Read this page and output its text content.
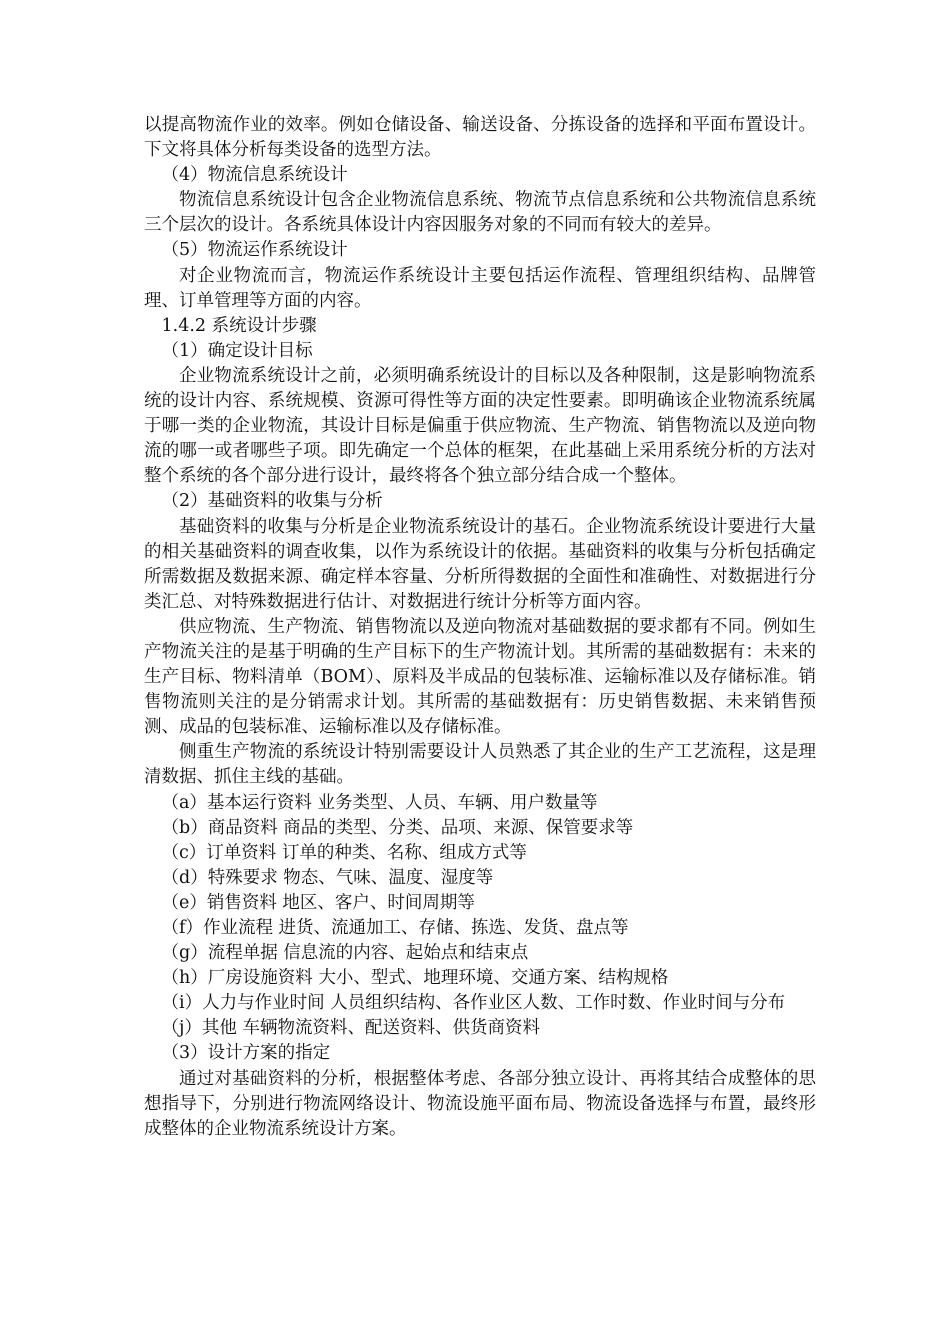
以提高物流作业的效率。例如仓储设备、输送设备、分拣设备的选择和平面布置设计。下文将具体分析每类设备的选型方法。

（4）物流信息系统设计

物流信息系统设计包含企业物流信息系统、物流节点信息系统和公共物流信息系统三个层次的设计。各系统具体设计内容因服务对象的不同而有较大的差异。

（5）物流运作系统设计

对企业物流而言，物流运作系统设计主要包括运作流程、管理组织结构、品牌管理、订单管理等方面的内容。

1.4.2 系统设计步骤

（1）确定设计目标

企业物流系统设计之前，必须明确系统设计的目标以及各种限制，这是影响物流系统的设计内容、系统规模、资源可得性等方面的决定性要素。即明确该企业物流系统属于哪一类的企业物流，其设计目标是偏重于供应物流、生产物流、销售物流以及逆向物流的哪一或者哪些子项。即先确定一个总体的框架，在此基础上采用系统分析的方法对整个系统的各个部分进行设计，最终将各个独立部分结合成一个整体。

（2）基础资料的收集与分析

基础资料的收集与分析是企业物流系统设计的基石。企业物流系统设计要进行大量的相关基础资料的调查收集，以作为系统设计的依据。基础资料的收集与分析包括确定所需数据及数据来源、确定样本容量、分析所得数据的全面性和准确性、对数据进行分类汇总、对特殊数据进行估计、对数据进行统计分析等方面内容。

供应物流、生产物流、销售物流以及逆向物流对基础数据的要求都有不同。例如生产物流关注的是基于明确的生产目标下的生产物流计划。其所需的基础数据有：未来的生产目标、物料清单（BOM）、原料及半成品的包装标准、运输标准以及存储标准。销售物流则关注的是分销需求计划。其所需的基础数据有：历史销售数据、未来销售预测、成品的包装标准、运输标准以及存储标准。

侧重生产物流的系统设计特别需要设计人员熟悉了其企业的生产工艺流程，这是理清数据、抓住主线的基础。

（a）基本运行资料 业务类型、人员、车辆、用户数量等

（b）商品资料 商品的类型、分类、品项、来源、保管要求等

（c）订单资料 订单的种类、名称、组成方式等

（d）特殊要求 物态、气味、温度、湿度等

（e）销售资料 地区、客户、时间周期等

（f）作业流程 进货、流通加工、存储、拣选、发货、盘点等

（g）流程单据 信息流的内容、起始点和结束点

（h）厂房设施资料 大小、型式、地理环境、交通方案、结构规格

（i）人力与作业时间 人员组织结构、各作业区人数、工作时数、作业时间与分布

（j）其他 车辆物流资料、配送资料、供货商资料

（3）设计方案的指定

通过对基础资料的分析，根据整体考虑、各部分独立设计、再将其结合成整体的思想指导下，分别进行物流网络设计、物流设施平面布局、物流设备选择与布置，最终形成整体的企业物流系统设计方案。
